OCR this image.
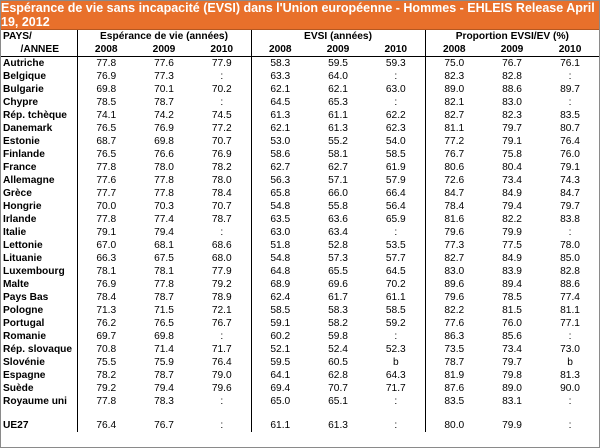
Espérance de vie sans incapacité (EVSI) dans l'Union européenne - Hommes - EHLEIS Release April 19, 2012
PAYS/	Espérance de vie (années)			EVSI (années)			Proportion EVSI/EV (%)		
/ANNEE	2008	2009	2010	2008	2009	2010	2008	2009	2010
Autriche	77.8	77.6	77.9	58.3	59.5	59.3	75.0	76.7	76.1
Belgique	76.9	77.3	:	63.3	64.0	:	82.3	82.8	:
Bulgarie	69.8	70.1	70.2	62.1	62.1	63.0	89.0	88.6	89.7
Chypre	78.5	78.7	:	64.5	65.3	:	82.1	83.0	:
Rép. tchèque	74.1	74.2	74.5	61.3	61.1	62.2	82.7	82.3	83.5
Danemark	76.5	76.9	77.2	62.1	61.3	62.3	81.1	79.7	80.7
Estonie	68.7	69.8	70.7	53.0	55.2	54.0	77.2	79.1	76.4
Finlande	76.5	76.6	76.9	58.6	58.1	58.5	76.7	75.8	76.0
France	77.8	78.0	78.2	62.7	62.7	61.9	80.6	80.4	79.1
Allemagne	77.6	77.8	78.0	56.3	57.1	57.9	72.6	73.4	74.3
Grèce	77.7	77.8	78.4	65.8	66.0	66.4	84.7	84.9	84.7
Hongrie	70.0	70.3	70.7	54.8	55.8	56.4	78.4	79.4	79.7
Irlande	77.8	77.4	78.7	63.5	63.6	65.9	81.6	82.2	83.8
Italie	79.1	79.4	:	63.0	63.4	:	79.6	79.9	:
Lettonie	67.0	68.1	68.6	51.8	52.8	53.5	77.3	77.5	78.0
Lituanie	66.3	67.5	68.0	54.8	57.3	57.7	82.7	84.9	85.0
Luxembourg	78.1	78.1	77.9	64.8	65.5	64.5	83.0	83.9	82.8
Malte	76.9	77.8	79.2	68.9	69.6	70.2	89.6	89.4	88.6
Pays Bas	78.4	78.7	78.9	62.4	61.7	61.1	79.6	78.5	77.4
Pologne	71.3	71.5	72.1	58.5	58.3	58.5	82.2	81.5	81.1
Portugal	76.2	76.5	76.7	59.1	58.2	59.2	77.6	76.0	77.1
Romanie	69.7	69.8	:	60.2	59.8	:	86.3	85.6	:
Rép. slovaque	70.8	71.4	71.7	52.1	52.4	52.3	73.5	73.4	73.0
Slovénie	75.5	75.9	76.4	59.5	60.5	b	78.7	79.7	b
Espagne	78.2	78.7	79.0	64.1	62.8	64.3	81.9	79.8	81.3
Suède	79.2	79.4	79.6	69.4	70.7	71.7	87.6	89.0	90.0
Royaume uni	77.8	78.3	:	65.0	65.1	:	83.5	83.1	:

UE27	76.4	76.7	:	61.1	61.3	:	80.0	79.9	:
